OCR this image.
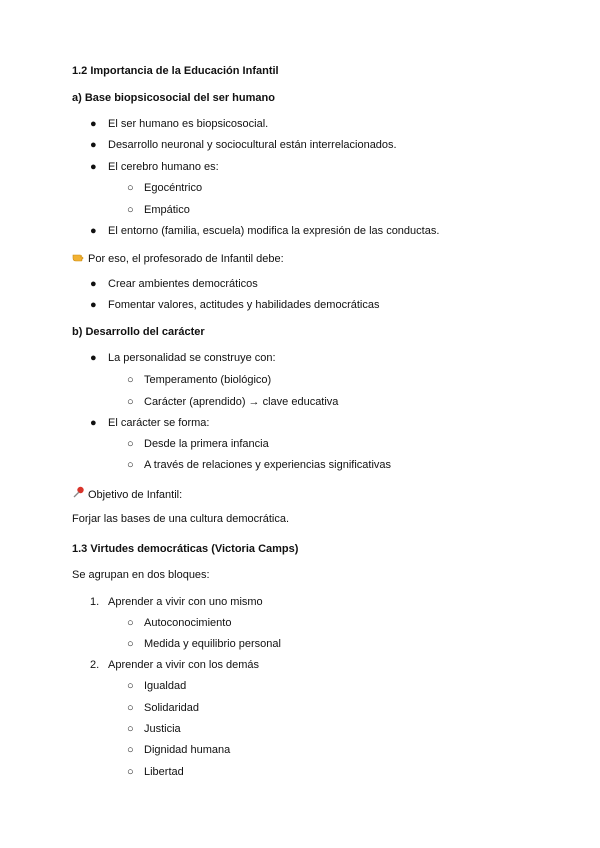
1.2 Importancia de la Educación Infantil
a) Base biopsicosocial del ser humano
● El ser humano es biopsicosocial.
● Desarrollo neuronal y sociocultural están interrelacionados.
● El cerebro humano es:
○ Egocéntrico
○ Empático
● El entorno (familia, escuela) modifica la expresión de las conductas.
Por eso, el profesorado de Infantil debe:
● Crear ambientes democráticos
● Fomentar valores, actitudes y habilidades democráticas
b) Desarrollo del carácter
● La personalidad se construye con:
○ Temperamento (biológico)
○ Carácter (aprendido) → clave educativa
● El carácter se forma:
○ Desde la primera infancia
○ A través de relaciones y experiencias significativas
Objetivo de Infantil:
Forjar las bases de una cultura democrática.
1.3 Virtudes democráticas (Victoria Camps)
Se agrupan en dos bloques:
1. Aprender a vivir con uno mismo
○ Autoconocimiento
○ Medida y equilibrio personal
2. Aprender a vivir con los demás
○ Igualdad
○ Solidaridad
○ Justicia
○ Dignidad humana
○ Libertad
